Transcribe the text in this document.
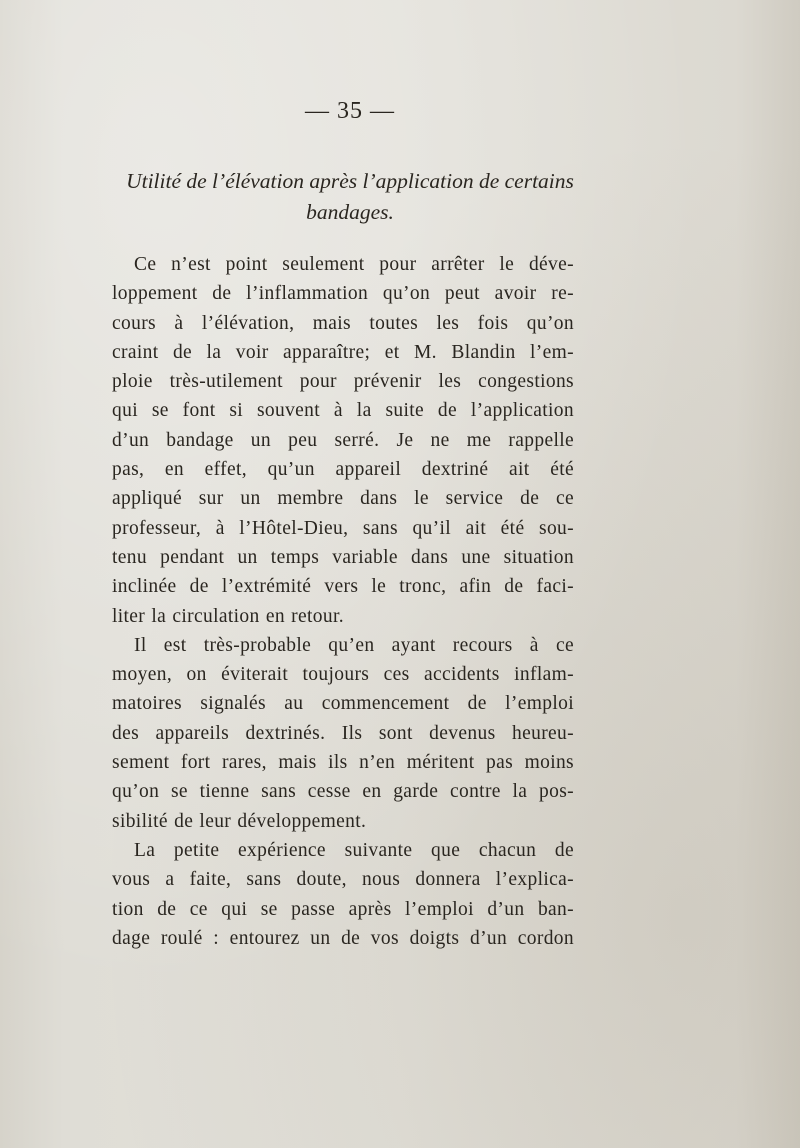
— 35 —
Utilité de l’élévation après l’application de certains bandages.
Ce n’est point seulement pour arrêter le déve-
loppement de l’inflammation qu’on peut avoir re-
cours à l’élévation, mais toutes les fois qu’on
craint de la voir apparaître; et M. Blandin l’em-
ploie très-utilement pour prévenir les congestions
qui se font si souvent à la suite de l’application
d’un bandage un peu serré. Je ne me rappelle
pas, en effet, qu’un appareil dextriné ait été
appliqué sur un membre dans le service de ce
professeur, à l’Hôtel-Dieu, sans qu’il ait été sou-
tenu pendant un temps variable dans une situation
inclinée de l’extrémité vers le tronc, afin de faci-
liter la circulation en retour.
Il est très-probable qu’en ayant recours à ce
moyen, on éviterait toujours ces accidents inflam-
matoires signalés au commencement de l’emploi
des appareils dextrinés. Ils sont devenus heureu-
sement fort rares, mais ils n’en méritent pas moins
qu’on se tienne sans cesse en garde contre la pos-
sibilité de leur développement.
La petite expérience suivante que chacun de
vous a faite, sans doute, nous donnera l’explica-
tion de ce qui se passe après l’emploi d’un ban-
dage roulé : entourez un de vos doigts d’un cordon
